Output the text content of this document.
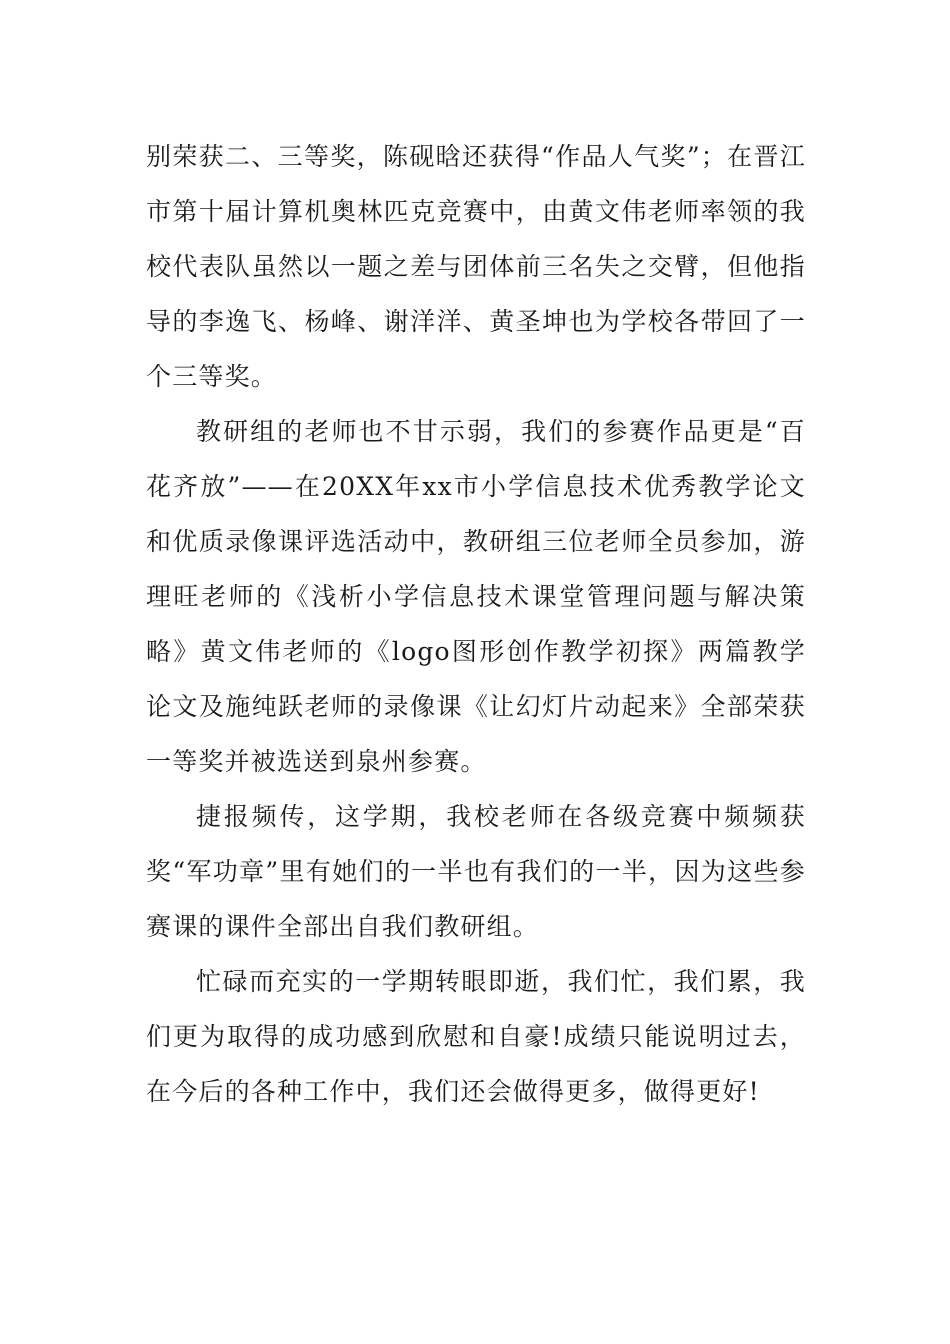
别荣获二、三等奖，陈砚晗还获得“作品人气奖”；在晋江市第十届计算机奥林匹克竞赛中，由黄文伟老师率领的我校代表队虽然以一题之差与团体前三名失之交臂，但他指导的李逸飞、杨峰、谢洋洋、黄圣坤也为学校各带回了一个三等奖。

教研组的老师也不甘示弱，我们的参赛作品更是“百花齐放”——在20XX年xx市小学信息技术优秀教学论文和优质录像课评选活动中，教研组三位老师全员参加，游理旺老师的《浅析小学信息技术课堂管理问题与解决策略》黄文伟老师的《logo图形创作教学初探》两篇教学论文及施纯跃老师的录像课《让幻灯片动起来》全部荣获一等奖并被选送到泉州参赛。

捷报频传，这学期，我校老师在各级竞赛中频频获奖“军功章”里有她们的一半也有我们的一半，因为这些参赛课的课件全部出自我们教研组。

忙碌而充实的一学期转眼即逝，我们忙，我们累，我们更为取得的成功感到欣慰和自豪!成绩只能说明过去，在今后的各种工作中，我们还会做得更多，做得更好!
